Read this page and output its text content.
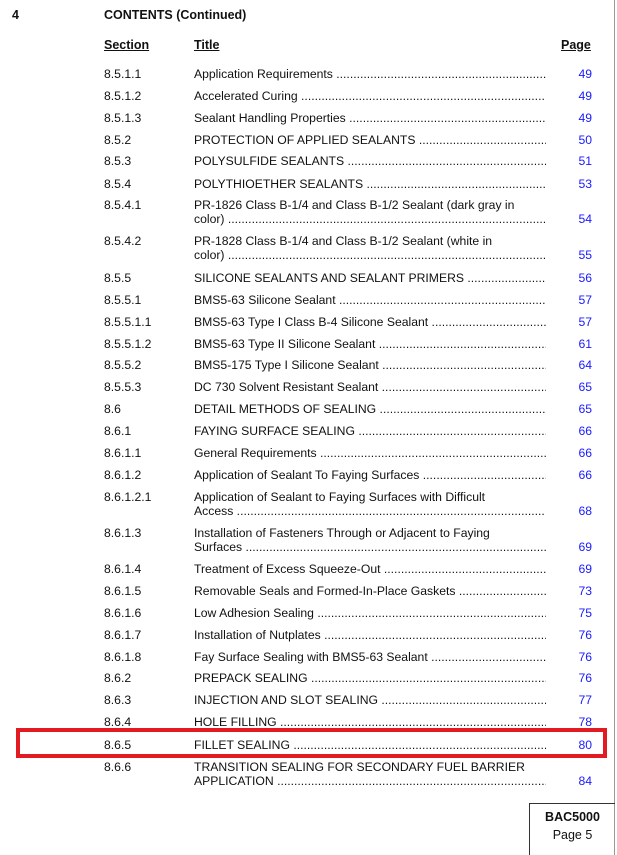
4	CONTENTS (Continued)
Section	Title	Page
8.5.1.1	Application Requirements .....	49
8.5.1.2	Accelerated Curing .....	49
8.5.1.3	Sealant Handling Properties .....	49
8.5.2	PROTECTION OF APPLIED SEALANTS .....	50
8.5.3	POLYSULFIDE SEALANTS .....	51
8.5.4	POLYTHIOETHER SEALANTS .....	53
8.5.4.1	PR-1826 Class B-1/4 and Class B-1/2 Sealant (dark gray in
color) .....	54
8.5.4.2	PR-1828 Class B-1/4 and Class B-1/2 Sealant (white in
color) .....	55
8.5.5	SILICONE SEALANTS AND SEALANT PRIMERS .....	56
8.5.5.1	BMS5-63 Silicone Sealant .....	57
8.5.5.1.1	BMS5-63 Type I Class B-4 Silicone Sealant .....	57
8.5.5.1.2	BMS5-63 Type II Silicone Sealant .....	61
8.5.5.2	BMS5-175 Type I Silicone Sealant .....	64
8.5.5.3	DC 730 Solvent Resistant Sealant .....	65
8.6	DETAIL METHODS OF SEALING .....	65
8.6.1	FAYING SURFACE SEALING .....	66
8.6.1.1	General Requirements .....	66
8.6.1.2	Application of Sealant To Faying Surfaces .....	66
8.6.1.2.1	Application of Sealant to Faying Surfaces with Difficult
Access .....	68
8.6.1.3	Installation of Fasteners Through or Adjacent to Faying
Surfaces .....	69
8.6.1.4	Treatment of Excess Squeeze-Out .....	69
8.6.1.5	Removable Seals and Formed-In-Place Gaskets .....	73
8.6.1.6	Low Adhesion Sealing .....	75
8.6.1.7	Installation of Nutplates .....	76
8.6.1.8	Fay Surface Sealing with BMS5-63 Sealant .....	76
8.6.2	PREPACK SEALING .....	76
8.6.3	INJECTION AND SLOT SEALING .....	77
8.6.4	HOLE FILLING .....	78
8.6.5	FILLET SEALING .....	80
8.6.6	TRANSITION SEALING FOR SECONDARY FUEL BARRIER
APPLICATION .....	84
BAC5000
Page 5
